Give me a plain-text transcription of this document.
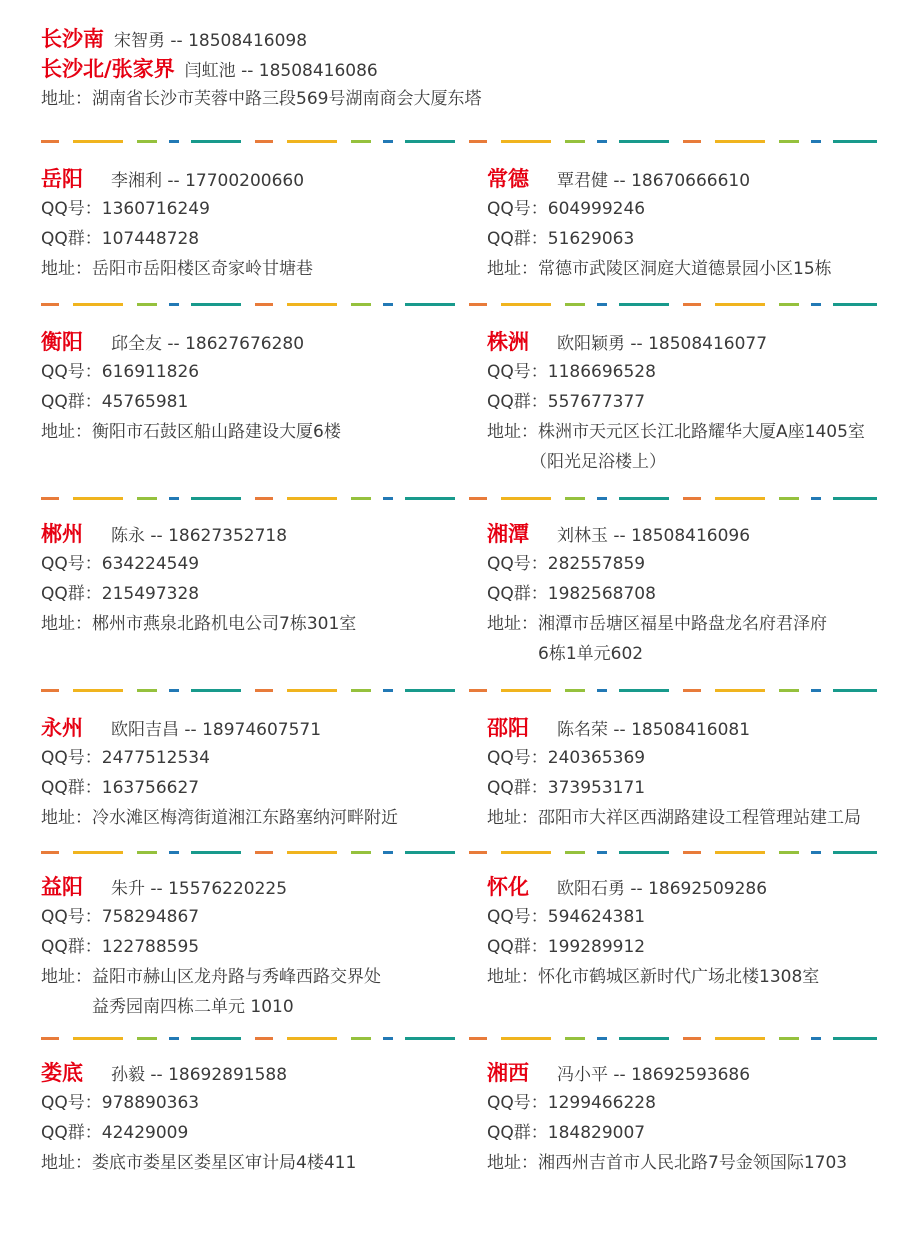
长沙南 宋智勇 -- 18508416098
长沙北/张家界 闫虹池 -- 18508416086
地址：湖南省长沙市芙蓉中路三段569号湖南商会大厦东塔
岳阳 李湘利 -- 17700200660
QQ号：1360716249
QQ群：107448728
地址： 岳阳市岳阳楼区奇家岭甘塘巷
常德 覃君健 -- 18670666610
QQ号：604999246
QQ群：51629063
地址： 常德市武陵区洞庭大道德景园小区15栋
衡阳 邱全友 -- 18627676280
QQ号：616911826
QQ群：45765981
地址： 衡阳市石鼓区船山路建设大厦6楼
株洲 欧阳颖勇 -- 18508416077
QQ号：1186696528
QQ群：557677377
地址： 株洲市天元区长江北路耀华大厦A座1405室
（阳光足浴楼上）
郴州 陈永 -- 18627352718
QQ号：634224549
QQ群：215497328
地址： 郴州市燕泉北路机电公司7栋301室
湘潭 刘林玉 -- 18508416096
QQ号：282557859
QQ群：1982568708
地址： 湘潭市岳塘区福星中路盘龙名府君泽府
6栋1单元602
永州 欧阳吉昌 -- 18974607571
QQ号：2477512534
QQ群：163756627
地址： 冷水滩区梅湾街道湘江东路塞纳河畔附近
邵阳 陈名荣 -- 18508416081
QQ号：240365369
QQ群：373953171
地址： 邵阳市大祥区西湖路建设工程管理站建工局
益阳 朱升 -- 15576220225
QQ号：758294867
QQ群：122788595
地址： 益阳市赫山区龙舟路与秀峰西路交界处
益秀园南四栋二单元 1010
怀化 欧阳石勇 -- 18692509286
QQ号：594624381
QQ群：199289912
地址： 怀化市鹤城区新时代广场北楼1308室
娄底 孙毅 -- 18692891588
QQ号：978890363
QQ群：42429009
地址： 娄底市娄星区娄星区审计局4楼411
湘西 冯小平 -- 18692593686
QQ号：1299466228
QQ群：184829007
地址： 湘西州吉首市人民北路7号金领国际1703
